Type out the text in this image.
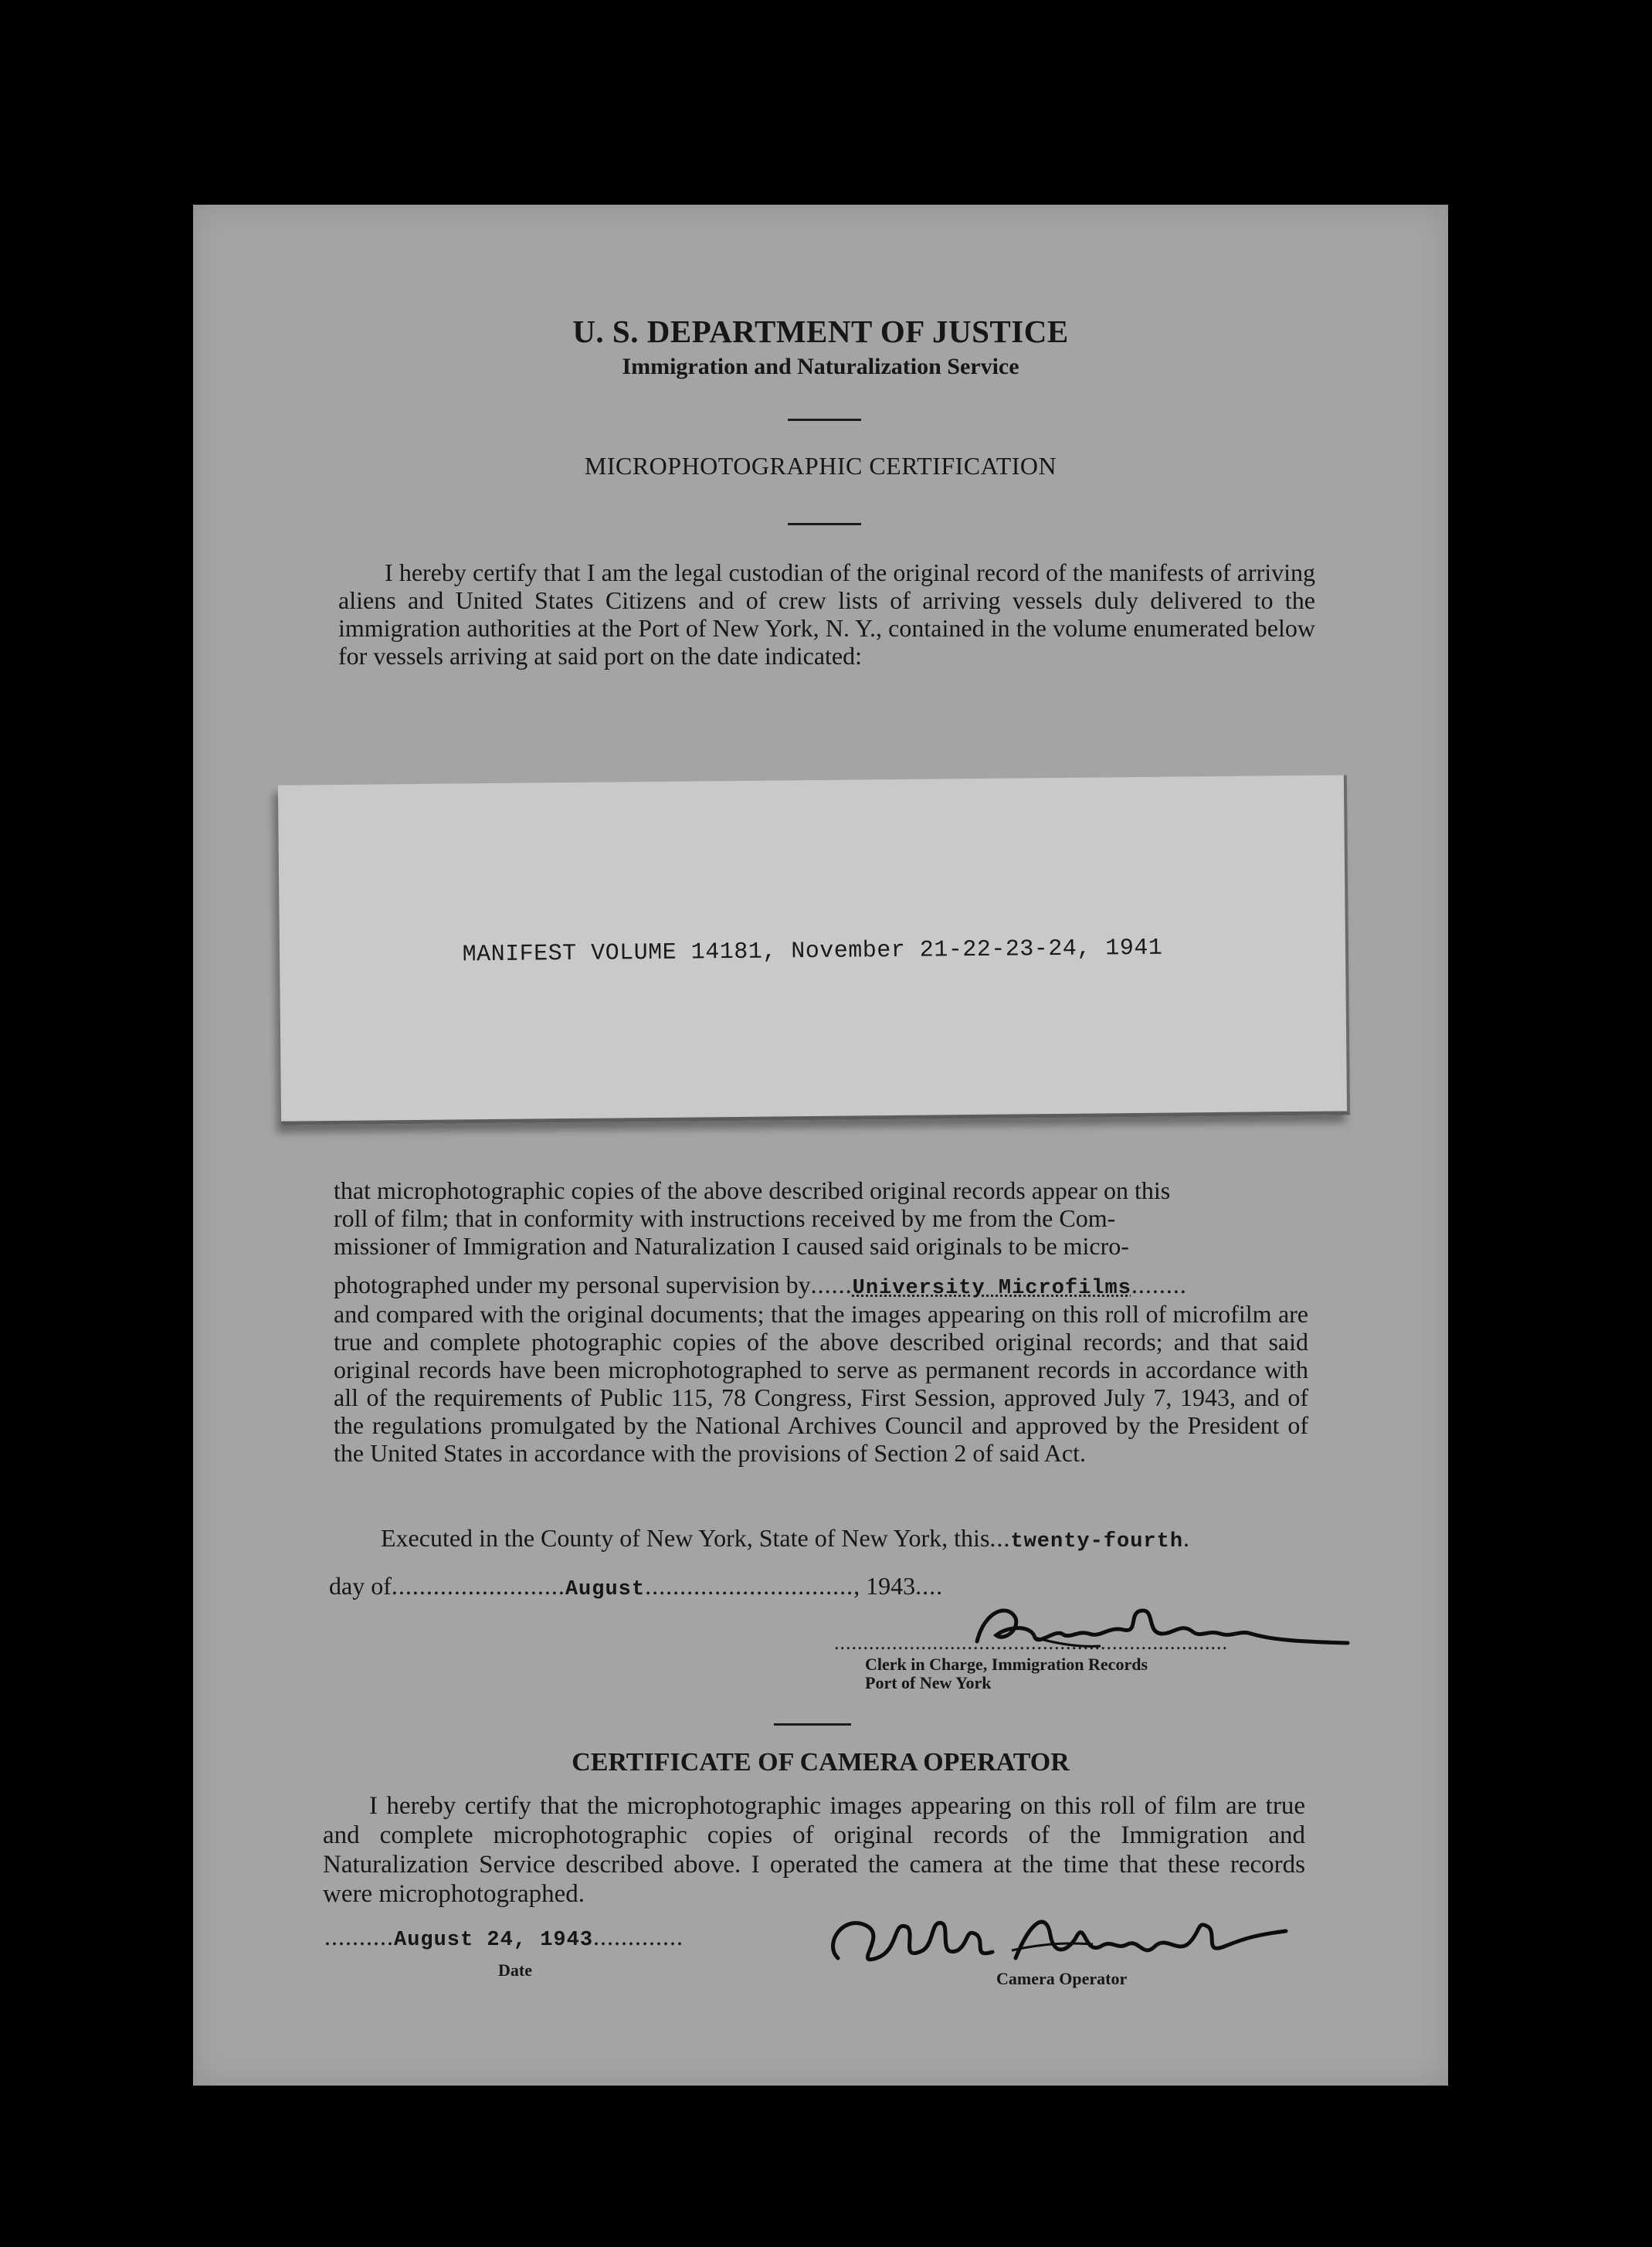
U. S. DEPARTMENT OF JUSTICE
Immigration and Naturalization Service
MICROPHOTOGRAPHIC CERTIFICATION

I hereby certify that I am the legal custodian of the original record of the manifests of arriving aliens and United States Citizens and of crew lists of arriving vessels duly delivered to the immigration authorities at the Port of New York, N. Y., contained in the volume enumerated below for vessels arriving at said port on the date indicated:

MANIFEST VOLUME 14181, November 21-22-23-24, 1941
that microphotographic copies of the above described original records appear on this
roll of film; that in conformity with instructions received by me from the Com-
missioner of Immigration and Naturalization I caused said originals to be micro-
photographed under my personal supervision by......University Microfilms........

and compared with the original documents; that the images appearing on this roll of microfilm are true and complete photographic copies of the above described original records; and that said original records have been microphotographed to serve as permanent records in accordance with all of the requirements of Public 115, 78 Congress, First Session, approved July 7, 1943, and of the regulations promulgated by the National Archives Council and approved by the President of the United States in accordance with the provisions of Section 2 of said Act.

Executed in the County of New York, State of New York, this...twenty-fourth.
day of.........................August.............................., 1943....
....................................................................
Clerk in Charge, Immigration Records
Port of New York
CERTIFICATE OF CAMERA OPERATOR

I hereby certify that the microphotographic images appearing on this roll of film are true and complete microphotographic copies of original records of the Immigration and Naturalization Service described above. I operated the camera at the time that these records were microphotographed.

..........August 24, 1943.............
Date	Camera Operator
